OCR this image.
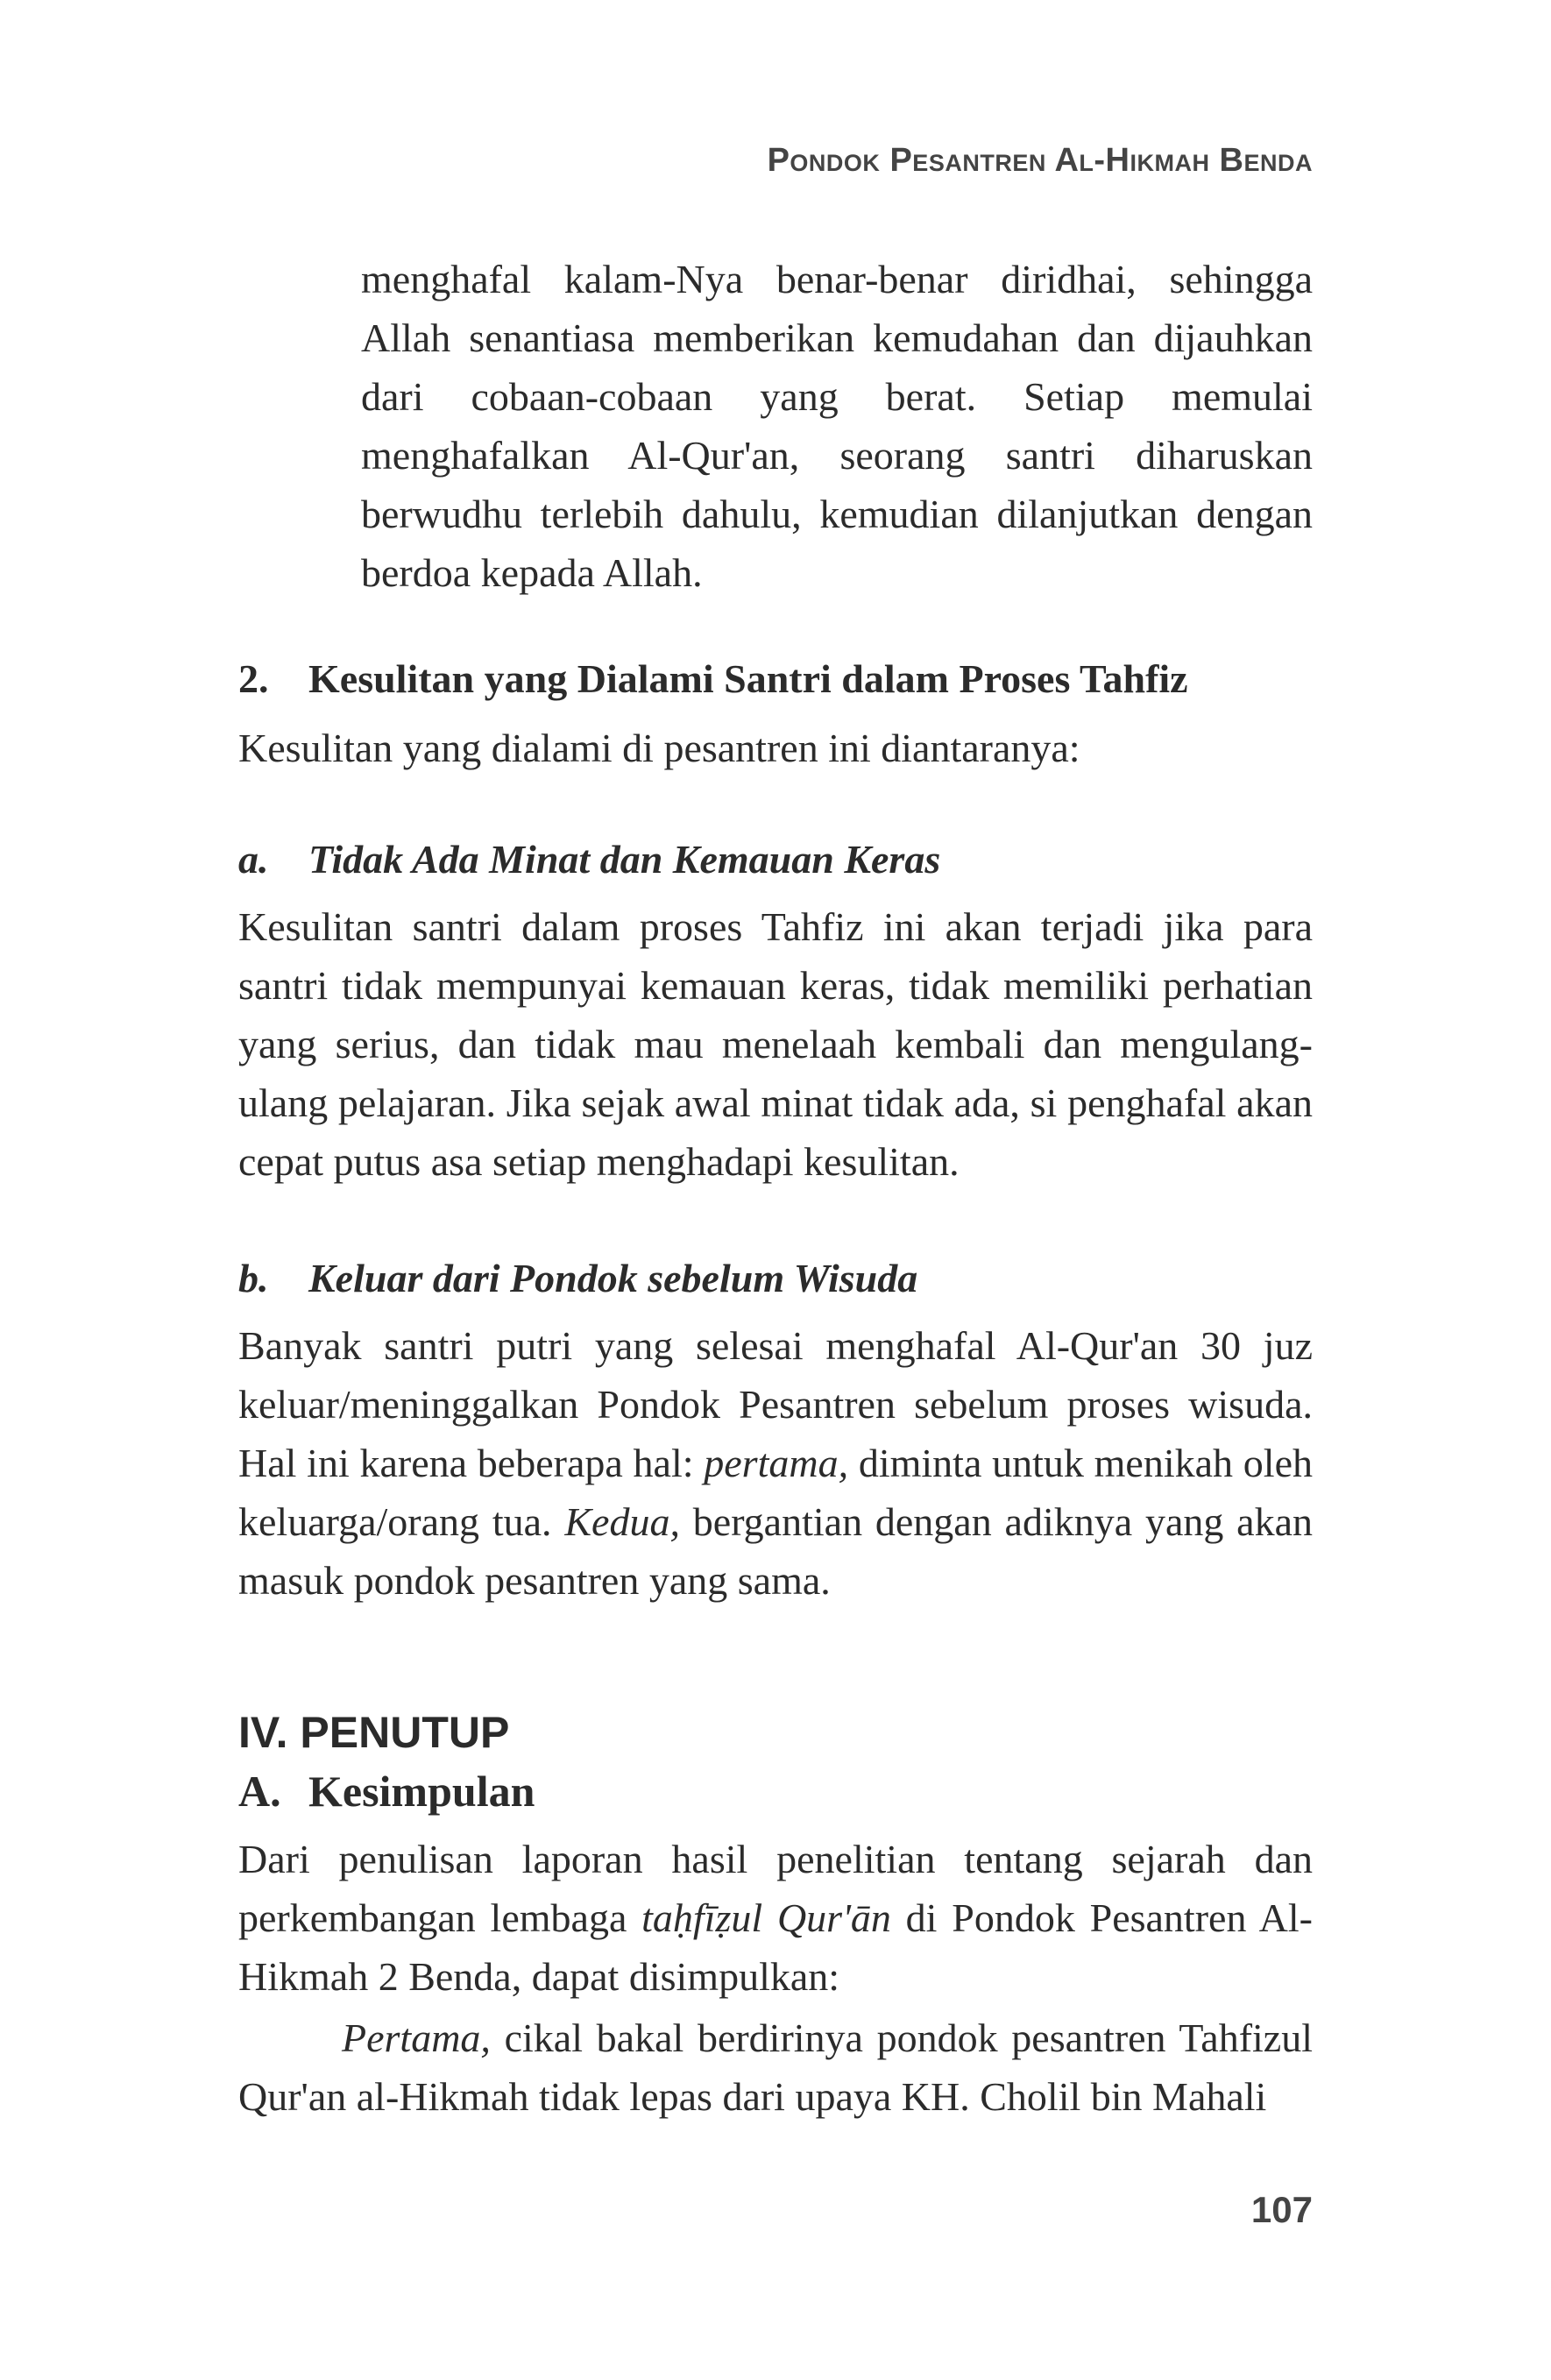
Pondok Pesantren Al-Hikmah Benda

menghafal kalam-Nya benar-benar diridhai, sehingga Allah senantiasa memberikan kemudahan dan dijauhkan dari cobaan-cobaan yang berat. Setiap memulai menghafalkan Al-Qur'an, seorang santri diharuskan berwudhu terlebih dahulu, kemudian dilanjutkan dengan berdoa kepada Allah.

2. Kesulitan yang Dialami Santri dalam Proses Tahfiz

Kesulitan yang dialami di pesantren ini diantaranya:

a. Tidak Ada Minat dan Kemauan Keras

Kesulitan santri dalam proses Tahfiz ini akan terjadi jika para santri tidak mempunyai kemauan keras, tidak memiliki perhatian yang serius, dan tidak mau menelaah kembali dan mengulang-ulang pelajaran. Jika sejak awal minat tidak ada, si penghafal akan cepat putus asa setiap menghadapi kesulitan.

b. Keluar dari Pondok sebelum Wisuda

Banyak santri putri yang selesai menghafal Al-Qur'an 30 juz keluar/meninggalkan Pondok Pesantren sebelum proses wisuda. Hal ini karena beberapa hal: pertama, diminta untuk menikah oleh keluarga/orang tua. Kedua, bergantian dengan adiknya yang akan masuk pondok pesantren yang sama.

IV. PENUTUP
A. Kesimpulan

Dari penulisan laporan hasil penelitian tentang sejarah dan perkembangan lembaga taḥfīẓul Qur'ān di Pondok Pesantren Al-Hikmah 2 Benda, dapat disimpulkan:

Pertama, cikal bakal berdirinya pondok pesantren Tahfizul Qur'an al-Hikmah tidak lepas dari upaya KH. Cholil bin Mahali

107
